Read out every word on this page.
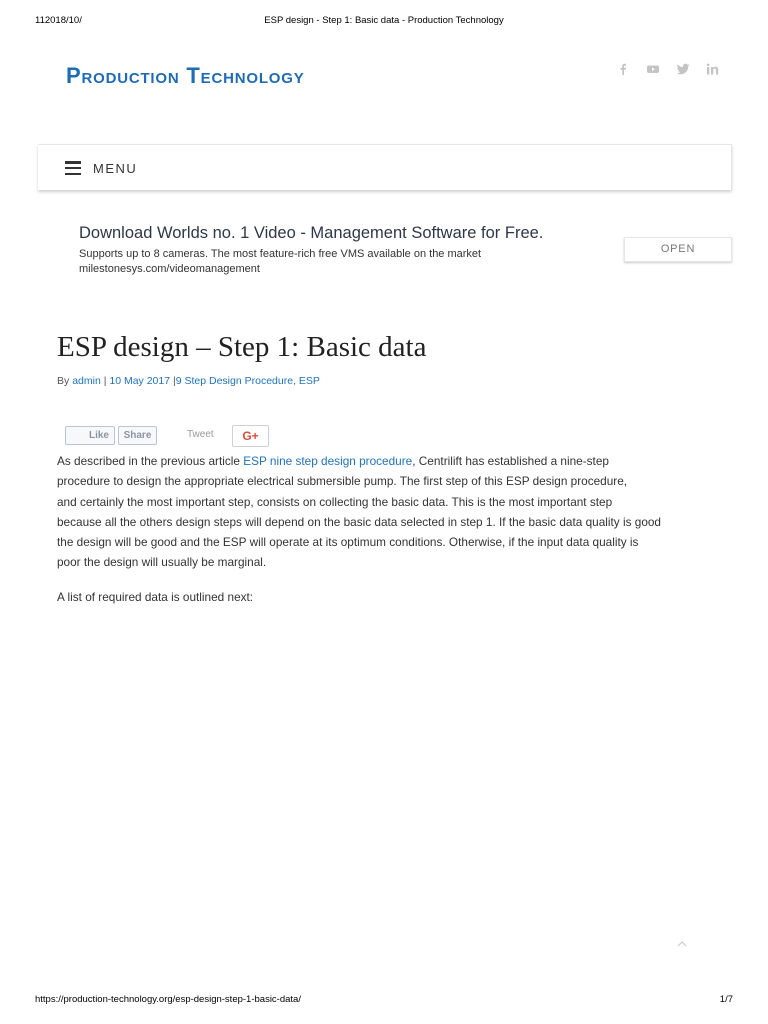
112018/10/	ESP design - Step 1: Basic data - Production Technology
Production Technology
MENU
Download Worlds no. 1 Video - Management Software for Free.
Supports up to 8 cameras. The most feature-rich free VMS available on the market
milestonesys.com/videomanagement
OPEN
ESP design – Step 1: Basic data
By admin | 10 May 2017 |9 Step Design Procedure, ESP
Like	Share	Tweet	G+

As described in the previous article ESP nine step design procedure, Centrilift has established a nine-step

procedure to design the appropriate electrical submersible pump. The first step of this ESP design procedure,

and certainly the most important step, consists on collecting the basic data. This is the most important step

because all the others design steps will depend on the basic data selected in step 1. If the basic data quality is good

the design will be good and the ESP will operate at its optimum conditions. Otherwise, if the input data quality is

poor the design will usually be marginal.

A list of required data is outlined next:

https://production-technology.org/esp-design-step-1-basic-data/	1/7
